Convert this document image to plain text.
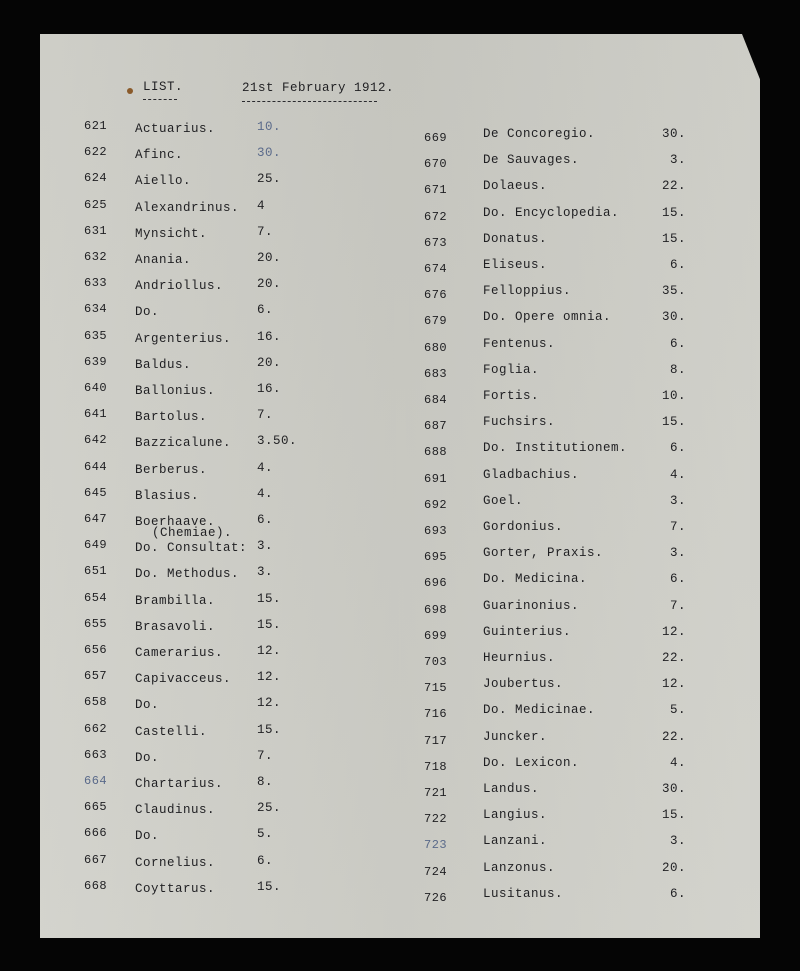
LIST.	21st February 1912.
621 Actuarius.	10.
622 Afinc.	30.
624 Aiello.	25.
625 Alexandrinus. 4
631 Mynsicht.	7.
632 Anania.	20.
633 Andriollus.	20.
634 Do.	6.
635 Argenterius. 16.
639 Baldus.	20.
640 Ballonius.	16.
641 Bartolus.	7.
642 Bazzicalune. 3.50.
644 Berberus.	4.
645 Blasius.	4.
647 Boerhaave.	6.
649 Do. Consultat: 3.
651 Do. Methodus. 3.
654 Brambilla.	15.
655 Brasavoli.	15.
656 Camerarius.	12.
657 Capivacceus. 12.
658 Do.	12.
662 Castelli.	15.
663 Do.	7.
664 Chartarius.	8.
665 Claudinus.	25.
666 Do.	5.
667 Cornelius.	6.
668 Coyttarus.	15.
(Chemiae).
669	De Concoregio.	30.
670	De Sauvages.	3.
671	Dolaeus.	22.
672	Do. Encyclopedia.	15.
673	Donatus.	15.
674	Eliseus.	6.
676	Felloppius.	35.
679	Do. Opere omnia.	30.
680	Fentenus.	6.
683	Foglia.	8.
684	Fortis.	10.
687	Fuchsirs.	15.
688	Do. Institutionem.	6.
691	Gladbachius.	4.
692	Goel.	3.
693	Gordonius.	7.
695	Gorter, Praxis.	3.
696	Do. Medicina.	6.
698	Guarinonius.	7.
699	Guinterius.	12.
703	Heurnius.	22.
715	Joubertus.	12.
716	Do. Medicinae.	5.
717	Juncker.	22.
718	Do. Lexicon.	4.
721	Landus.	30.
722	Langius.	15.
723	Lanzani.	3.
724	Lanzonus.	20.
726	Lusitanus.	6.
